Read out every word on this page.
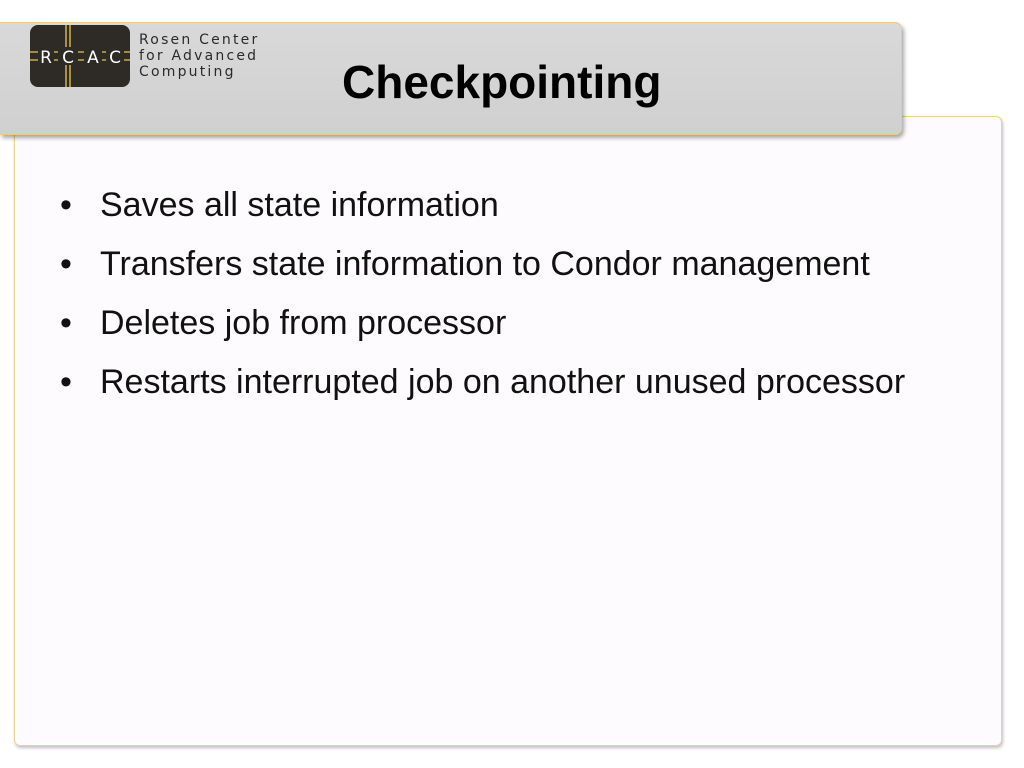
R C A C
Rosen Center
for Advanced
Computing	Checkpointing
• Saves all state information
• Transfers state information to Condor management
• Deletes job from processor
• Restarts interrupted job on another unused processor
